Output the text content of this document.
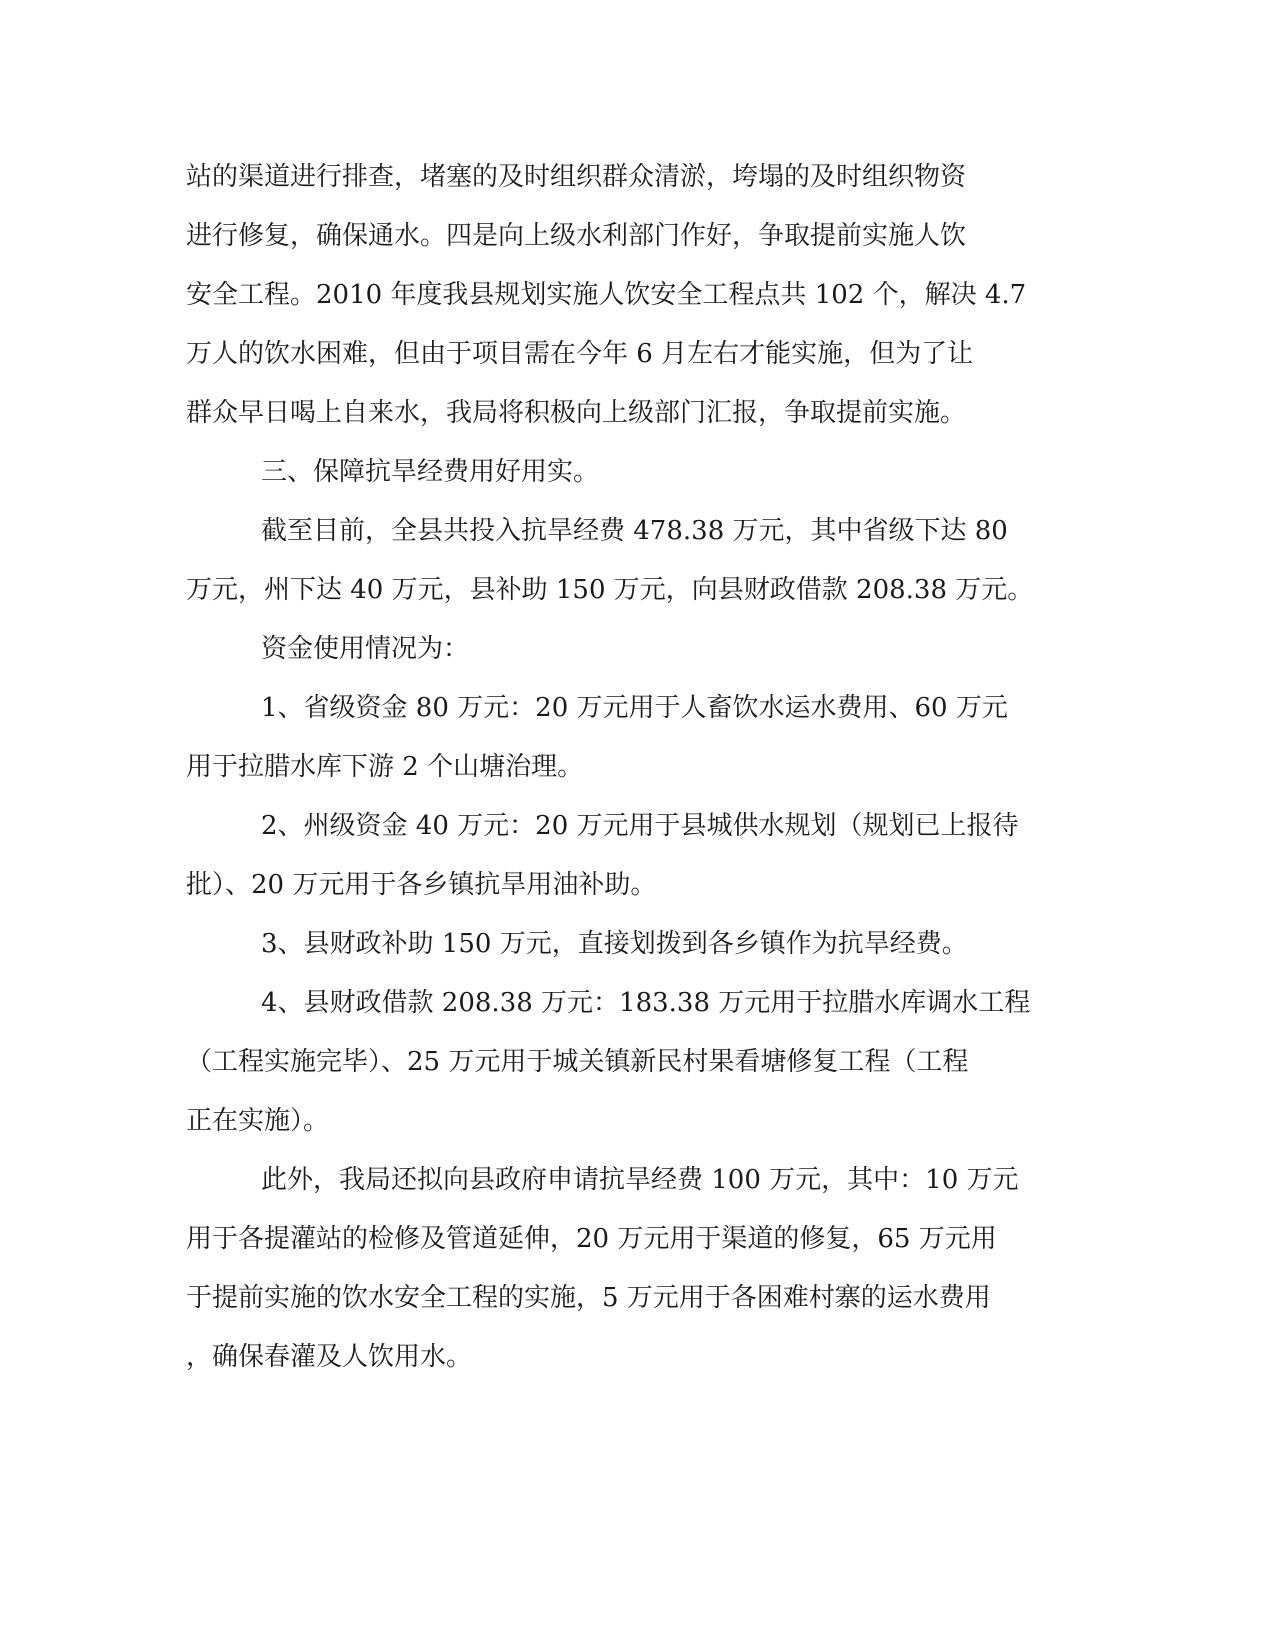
站的渠道进行排查，堵塞的及时组织群众清淤，垮塌的及时组织物资
进行修复，确保通水。四是向上级水利部门作好，争取提前实施人饮
安全工程。2010 年度我县规划实施人饮安全工程点共 102 个，解决 4.7
万人的饮水困难，但由于项目需在今年 6 月左右才能实施，但为了让
群众早日喝上自来水，我局将积极向上级部门汇报，争取提前实施。
三、保障抗旱经费用好用实。
截至目前，全县共投入抗旱经费 478.38 万元，其中省级下达 80
万元，州下达 40 万元，县补助 150 万元，向县财政借款 208.38 万元。
资金使用情况为：
1、省级资金 80 万元：20 万元用于人畜饮水运水费用、60 万元
用于拉腊水库下游 2 个山塘治理。
2、州级资金 40 万元：20 万元用于县城供水规划（规划已上报待
批）、20 万元用于各乡镇抗旱用油补助。
3、县财政补助 150 万元，直接划拨到各乡镇作为抗旱经费。
4、县财政借款 208.38 万元：183.38 万元用于拉腊水库调水工程
（工程实施完毕）、25 万元用于城关镇新民村果看塘修复工程（工程
正在实施）。
此外，我局还拟向县政府申请抗旱经费 100 万元，其中：10 万元
用于各提灌站的检修及管道延伸，20 万元用于渠道的修复，65 万元用
于提前实施的饮水安全工程的实施，5 万元用于各困难村寨的运水费用
，确保春灌及人饮用水。
